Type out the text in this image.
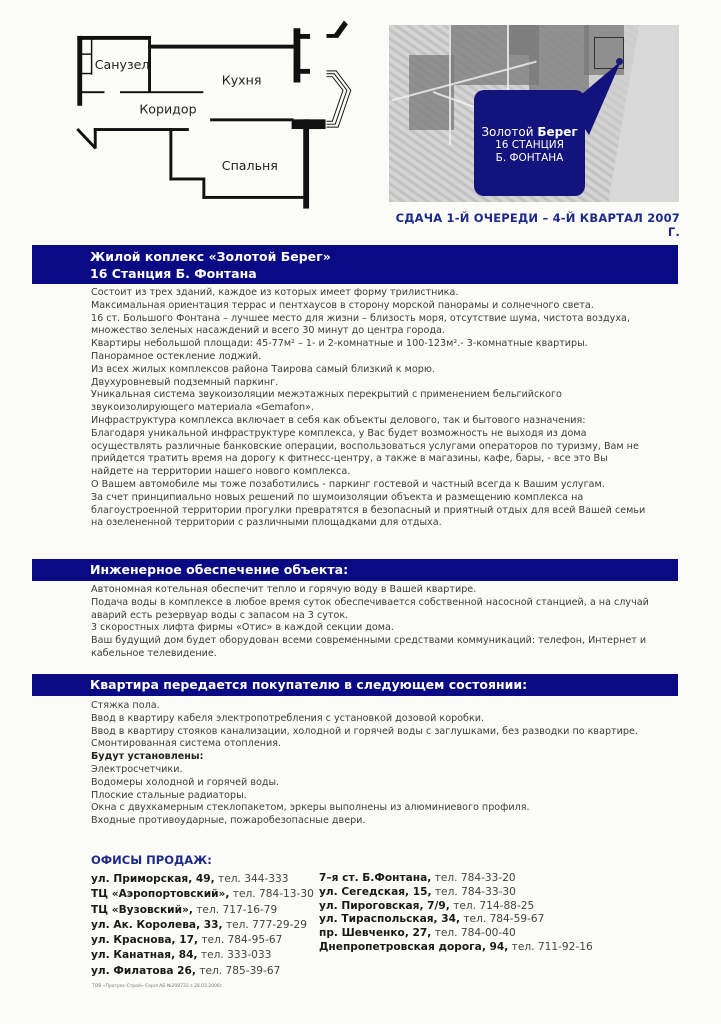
Санузел
Кухня
Коридор
Спальня
Золотой Берег
16 СТАНЦИЯ
Б. ФОНТАНА
СДАЧА 1-Й ОЧЕРЕДИ – 4-Й КВАРТАЛ 2007 Г.
Жилой коплекс «Золотой Берег»
16 Станция Б. Фонтана
Состоит из трех зданий, каждое из которых имеет форму трилистника.
Максимальная ориентация террас и пентхаусов в сторону морской панорамы и солнечного света.
16 ст. Большого Фонтана – лучшее место для жизни – близость моря, отсутствие шума, чистота воздуха,
множество зеленых насаждений и всего 30 минут до центра города.
Квартиры небольшой площади: 45-77м² – 1- и 2-комнатные и 100-123м².- 3-комнатные квартиры.
Панорамное остекление лоджий.
Из всех жилых комплексов района Таирова самый близкий к морю.
Двухуровневый подземный паркинг.
Уникальная система звукоизоляции межэтажных перекрытий с применением бельгийского
звукоизолирующего материала «Gemafon».
Инфраструктура комплекса включает в себя как объекты делового, так и бытового назначения:
Благодаря уникальной инфраструктуре комплекса, у Вас будет возможность не выходя из дома
осуществлять различные банковские операции, воспользоваться услугами операторов по туризму, Вам не
прийдется тратить время на дорогу к фитнесс-центру, а также в магазины, кафе, бары, - все это Вы
найдете на территории нашего нового комплекса.
О Вашем автомобиле мы тоже позаботились - паркинг гостевой и частный всегда к Вашим услугам.
За счет принципиально новых решений по шумоизоляции объекта и размещению комплекса на
благоустроенной территории прогулки превратятся в безопасный и приятный отдых для всей Вашей семьи
на озелененной территории с различными площадками для отдыха.
Инженерное обеспечение объекта:
Автономная котельная обеспечит тепло и горячую воду в Вашей квартире.
Подача воды в комплексе в любое время суток обеспечивается собственной насосной станцией, а на случай
аварий есть резервуар воды с запасом на 3 суток.
3 скоростных лифта фирмы «Отис» в каждой секции дома.
Ваш будущий дом будет оборудован всеми современными средствами коммуникаций: телефон, Интернет и
кабельное телевидение.
Квартира передается покупателю в следующем состоянии:
Стяжка пола.
Ввод в квартиру кабеля электропотребления с установкой дозовой коробки.
Ввод в квартиру стояков канализации, холодной и горячей воды с заглушками, без разводки по квартире.
Смонтированная система отопления.
Будут установлены:
Электросчетчики.
Водомеры холодной и горячей воды.
Плоские стальные радиаторы.
Окна с двухкамерным стеклопакетом, эркеры выполнены из алюминиевого профиля.
Входные противоударные, пожаробезопасные двери.
ОФИСЫ ПРОДАЖ:
ул. Приморская, 49, тел. 344-333
ТЦ «Аэропортовский», тел. 784-13-30
ТЦ «Вузовский», тел. 717-16-79
ул. Ак. Королева, 33, тел. 777-29-29
ул. Краснова, 17, тел. 784-95-67
ул. Канатная, 84, тел. 333-033
ул. Филатова 26, тел. 785-39-67
7–я ст. Б.Фонтана, тел. 784-33-20
ул. Сегедская, 15, тел. 784-33-30
ул. Пироговская, 7/9, тел. 714-88-25
ул. Тираспольская, 34, тел. 784-59-67
пр. Шевченко, 27, тел. 784-00-40
Днепропетровская дорога, 94, тел. 711-92-16
ТОВ «Прогрес-Строй» Серія АБ №208733 з 28.03.2006г.
